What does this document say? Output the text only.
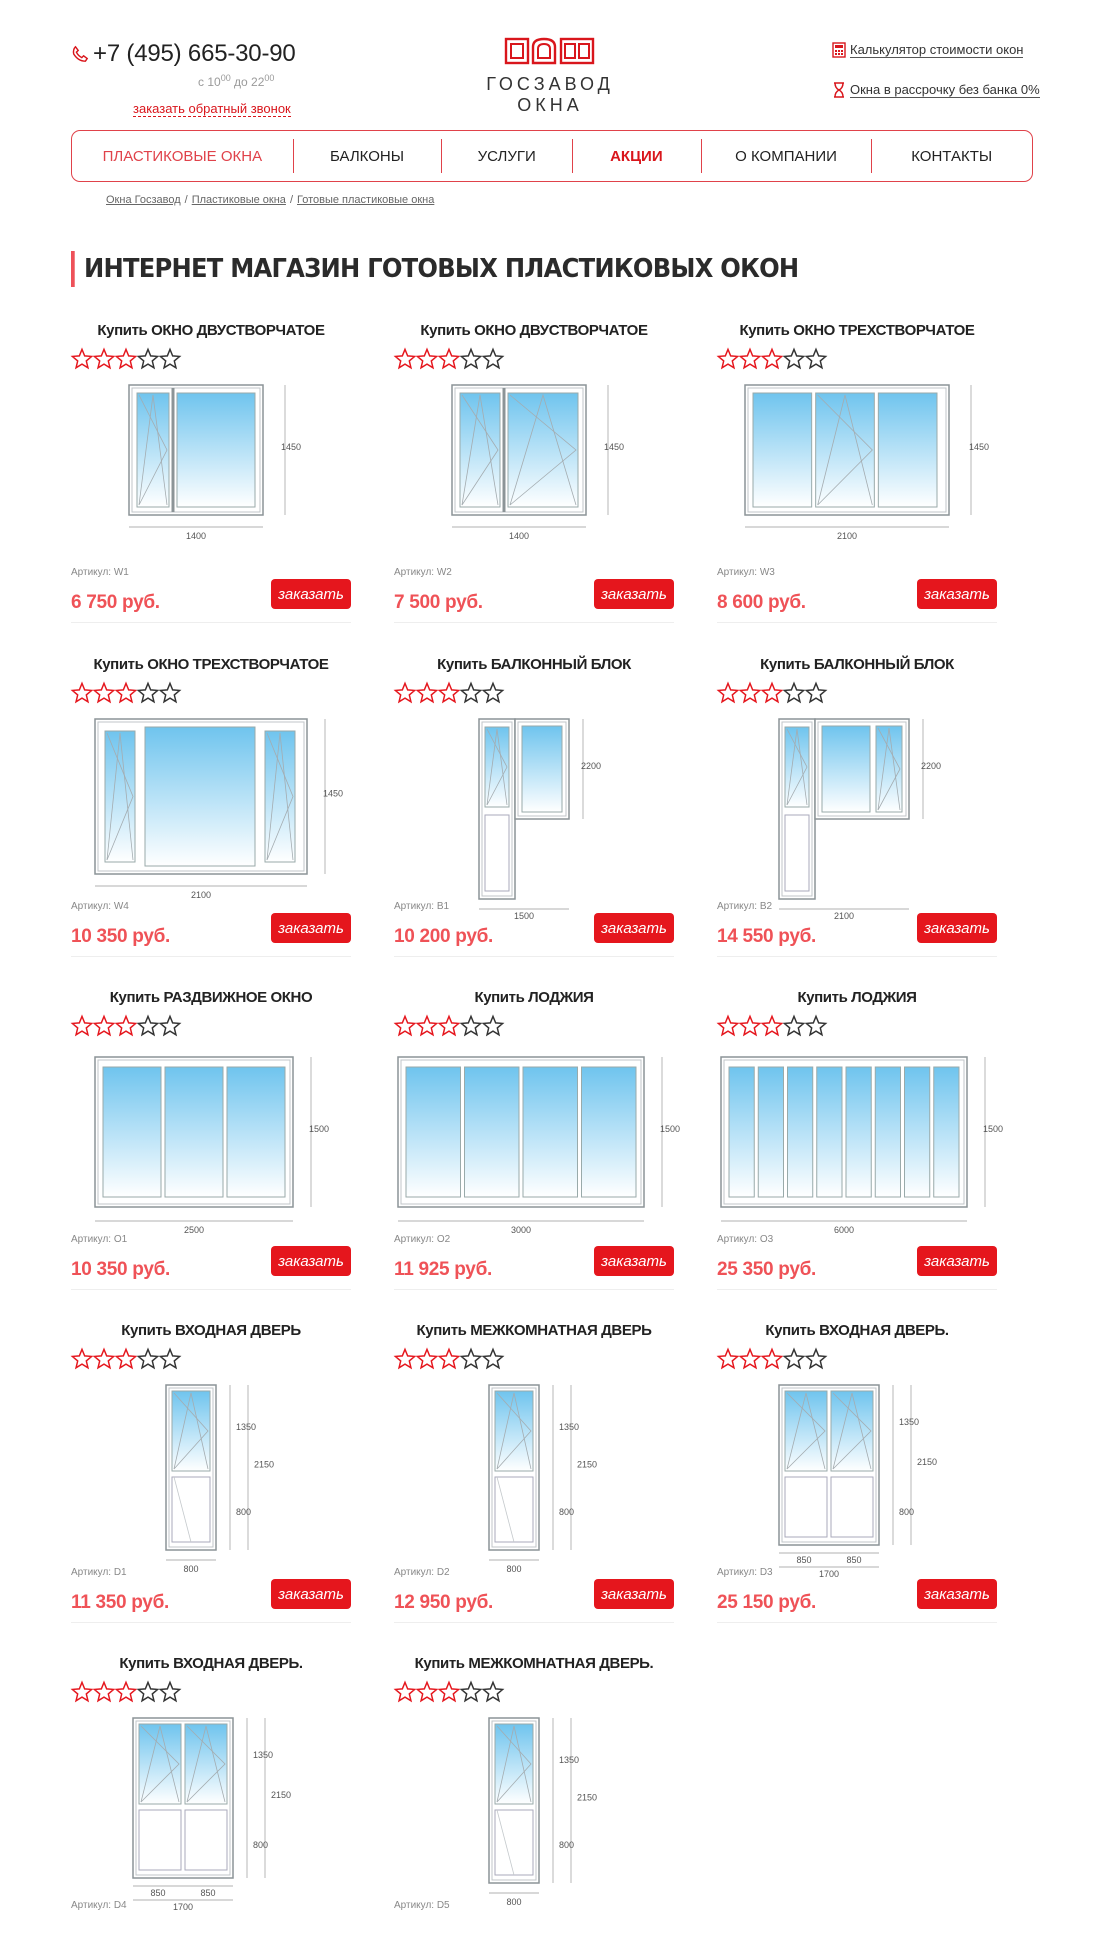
+7 (495) 665-30-90
с $10^{00}$ до $22^{00}$
заказать обратный звонок
ГОСЗАВОД ОКНА
Калькулятор стоимости окон
Окна в рассрочку без банка 0%
ПЛАСТИКОВЫЕ ОКНА	БАЛКОНЫ	УСЛУГИ	АКЦИИ	О КОМПАНИИ	КОНТАКТЫ
Окна Госзавод / Пластиковые окна / Готовые пластиковые окна
ИНТЕРНЕТ МАГАЗИН ГОТОВЫХ ПЛАСТИКОВЫХ ОКОН
Купить ОКНО ДВУСТВОРЧАТОЕ
1450
1400
Артикул: W1
6 750 руб.	заказать
Купить ОКНО ДВУСТВОРЧАТОЕ
1450
1400
Артикул: W2
7 500 руб.	заказать
Купить ОКНО ТРЕХСТВОРЧАТОЕ
1450
2100
Артикул: W3
8 600 руб.	заказать
Купить ОКНО ТРЕХСТВОРЧАТОЕ
1450
2100
Артикул: W4
10 350 руб.	заказать
Купить БАЛКОННЫЙ БЛОК
2200
1500
Артикул: B1
10 200 руб.	заказать
Купить БАЛКОННЫЙ БЛОК
2200
2100
Артикул: B2
14 550 руб.	заказать
Купить РАЗДВИЖНОЕ ОКНО
1500
2500
Артикул: O1
10 350 руб.	заказать
Купить ЛОДЖИЯ
1500
3000
Артикул: O2
11 925 руб.	заказать
Купить ЛОДЖИЯ
1500
6000
Артикул: O3
25 350 руб.	заказать
Купить ВХОДНАЯ ДВЕРЬ
1350
2150
800
800
Артикул: D1
11 350 руб.	заказать
Купить МЕЖКОМНАТНАЯ ДВЕРЬ
1350
2150
800
800
Артикул: D2
12 950 руб.	заказать
Купить ВХОДНАЯ ДВЕРЬ.
1350
2150
800
850	850
1700
Артикул: D3
25 150 руб.	заказать
Купить ВХОДНАЯ ДВЕРЬ.
1350
2150
800
850	850
1700
Артикул: D4
Купить МЕЖКОМНАТНАЯ ДВЕРЬ.
1350
2150
800
800
Артикул: D5
